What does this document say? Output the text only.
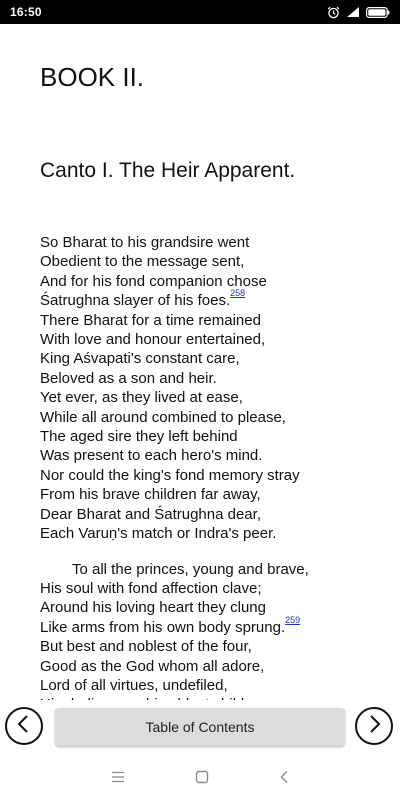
16:50
BOOK II.
Canto I. The Heir Apparent.
So Bharat to his grandsire went
Obedient to the message sent,
And for his fond companion chose
Śatrughna slayer of his foes.$^{258}$
There Bharat for a time remained
With love and honour entertained,
King Aśvapati's constant care,
Beloved as a son and heir.
Yet ever, as they lived at ease,
While all around combined to please,
The aged sire they left behind
Was present to each hero's mind.
Nor could the king's fond memory stray
From his brave children far away,
Dear Bharat and Śatrughna dear,
Each Varuṇ's match or Indra's peer.
To all the princes, young and brave,
His soul with fond affection clave;
Around his loving heart they clung
Like arms from his own body sprung.$^{259}$
But best and noblest of the four,
Good as the God whom all adore,
Lord of all virtues, undefiled,
Table of Contents
